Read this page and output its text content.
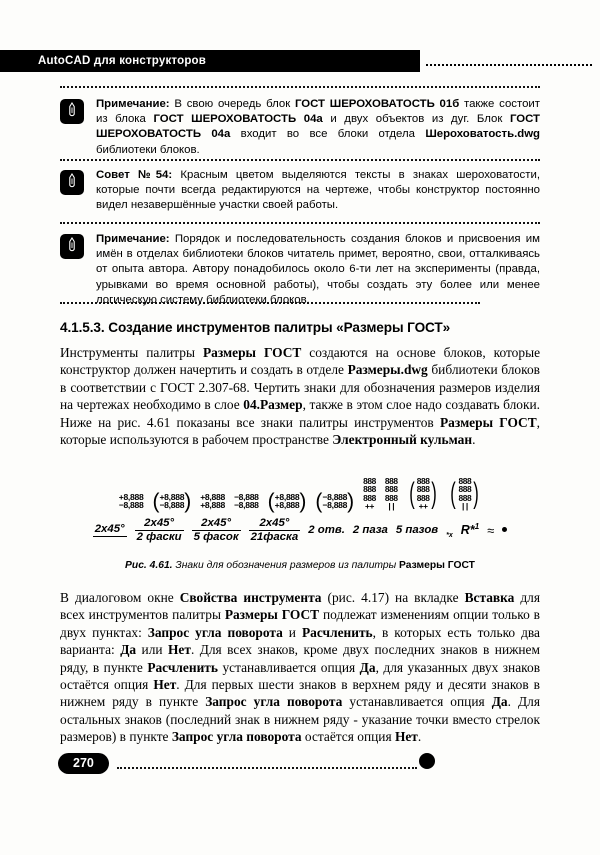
AutoCAD для конструкторов
Примечание: В свою очередь блок ГОСТ ШЕРОХОВАТОСТЬ 01б также состоит из блока ГОСТ ШЕРОХОВАТОСТЬ 04а и двух объектов из дуг. Блок ГОСТ ШЕРОХОВАТОСТЬ 04а входит во все блоки отдела Шероховатость.dwg библиотеки блоков.
Совет №54: Красным цветом выделяются тексты в знаках шероховатости, которые почти всегда редактируются на чертеже, чтобы конструктор постоянно видел незавершённые участки своей работы.
Примечание: Порядок и последовательность создания блоков и присвоения им имён в отделах библиотеки блоков читатель примет, вероятно, свои, отталкиваясь от опыта автора. Автору понадобилось около 6-ти лет на эксперименты (правда, урывками во время основной работы), чтобы создать эту более или менее логическую систему библиотеки блоков.
4.1.5.3. Создание инструментов палитры «Размеры ГОСТ»
Инструменты палитры Размеры ГОСТ создаются на основе блоков, которые конструктор должен начертить и создать в отделе Размеры.dwg библиотеки блоков в соответствии с ГОСТ 2.307-68. Чертить знаки для обозначения размеров изделия на чертежах необходимо в слое 04.Размер, также в этом слое надо создавать блоки. Ниже на рис. 4.61 показаны все знаки палитры инструментов Размеры ГОСТ, которые используются в рабочем пространстве Электронный кульман.
+8,888
−8,888 ( +8,888
−8,888 ) +8,888
+8,888
−8,888
−8,888 ( +8,888
+8,888 ) ( −8,888
−8,888 )
888
888
888
++
888
888
888
| | ( 888
888
888
++ ) ( 888
888
888
| | )
$2x45^\circ \frac{2x45^\circ}{\text{2 фаски}} \frac{2x45^\circ}{\text{5 фасок}} \frac{2x45^\circ}{\text{21фаска}} 2$ отв. 2 паза 5 пазов *x R*$^1$ ≈
Рис. 4.61. Знаки для обозначения размеров из палитры Размеры ГОСТ
В диалоговом окне Свойства инструмента (рис. 4.17) на вкладке Вставка для всех инструментов палитры Размеры ГОСТ подлежат изменениям опции только в двух пунктах: Запрос угла поворота и Расчленить, в которых есть только два варианта: Да или Нет. Для всех знаков, кроме двух последних знаков в нижнем ряду, в пункте Расчленить устанавливается опция Да, для указанных двух знаков остаётся опция Нет. Для первых шести знаков в верхнем ряду и десяти знаков в нижнем ряду в пункте Запрос угла поворота устанавливается опция Да. Для остальных знаков (последний знак в нижнем ряду - указание точки вместо стрелок размеров) в пункте Запрос угла поворота остаётся опция Нет.
270
